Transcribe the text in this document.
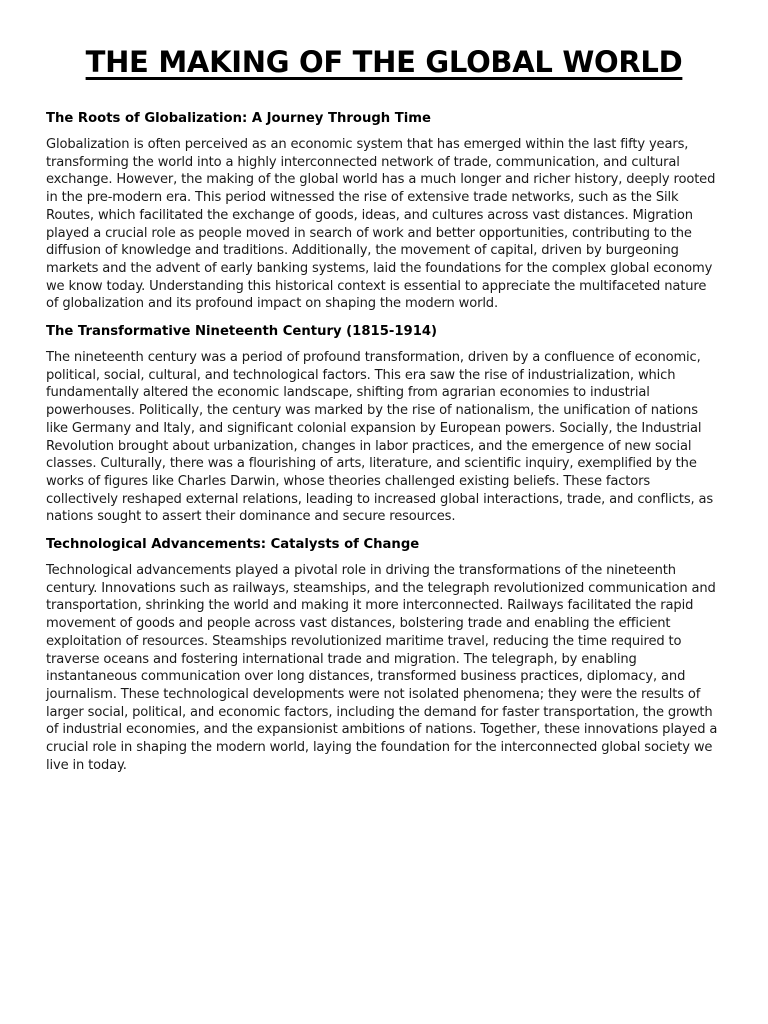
THE MAKING OF THE GLOBAL WORLD
The Roots of Globalization: A Journey Through Time

Globalization is often perceived as an economic system that has emerged within the last fifty years, transforming the world into a highly interconnected network of trade, communication, and cultural exchange. However, the making of the global world has a much longer and richer history, deeply rooted in the pre-modern era. This period witnessed the rise of extensive trade networks, such as the Silk Routes, which facilitated the exchange of goods, ideas, and cultures across vast distances. Migration played a crucial role as people moved in search of work and better opportunities, contributing to the diffusion of knowledge and traditions. Additionally, the movement of capital, driven by burgeoning markets and the advent of early banking systems, laid the foundations for the complex global economy we know today. Understanding this historical context is essential to appreciate the multifaceted nature of globalization and its profound impact on shaping the modern world.

The Transformative Nineteenth Century (1815-1914)

The nineteenth century was a period of profound transformation, driven by a confluence of economic, political, social, cultural, and technological factors. This era saw the rise of industrialization, which fundamentally altered the economic landscape, shifting from agrarian economies to industrial powerhouses. Politically, the century was marked by the rise of nationalism, the unification of nations like Germany and Italy, and significant colonial expansion by European powers. Socially, the Industrial Revolution brought about urbanization, changes in labor practices, and the emergence of new social classes. Culturally, there was a flourishing of arts, literature, and scientific inquiry, exemplified by the works of figures like Charles Darwin, whose theories challenged existing beliefs. These factors collectively reshaped external relations, leading to increased global interactions, trade, and conflicts, as nations sought to assert their dominance and secure resources.

Technological Advancements: Catalysts of Change

Technological advancements played a pivotal role in driving the transformations of the nineteenth century. Innovations such as railways, steamships, and the telegraph revolutionized communication and transportation, shrinking the world and making it more interconnected. Railways facilitated the rapid movement of goods and people across vast distances, bolstering trade and enabling the efficient exploitation of resources. Steamships revolutionized maritime travel, reducing the time required to traverse oceans and fostering international trade and migration. The telegraph, by enabling instantaneous communication over long distances, transformed business practices, diplomacy, and journalism. These technological developments were not isolated phenomena; they were the results of larger social, political, and economic factors, including the demand for faster transportation, the growth of industrial economies, and the expansionist ambitions of nations. Together, these innovations played a crucial role in shaping the modern world, laying the foundation for the interconnected global society we live in today.
